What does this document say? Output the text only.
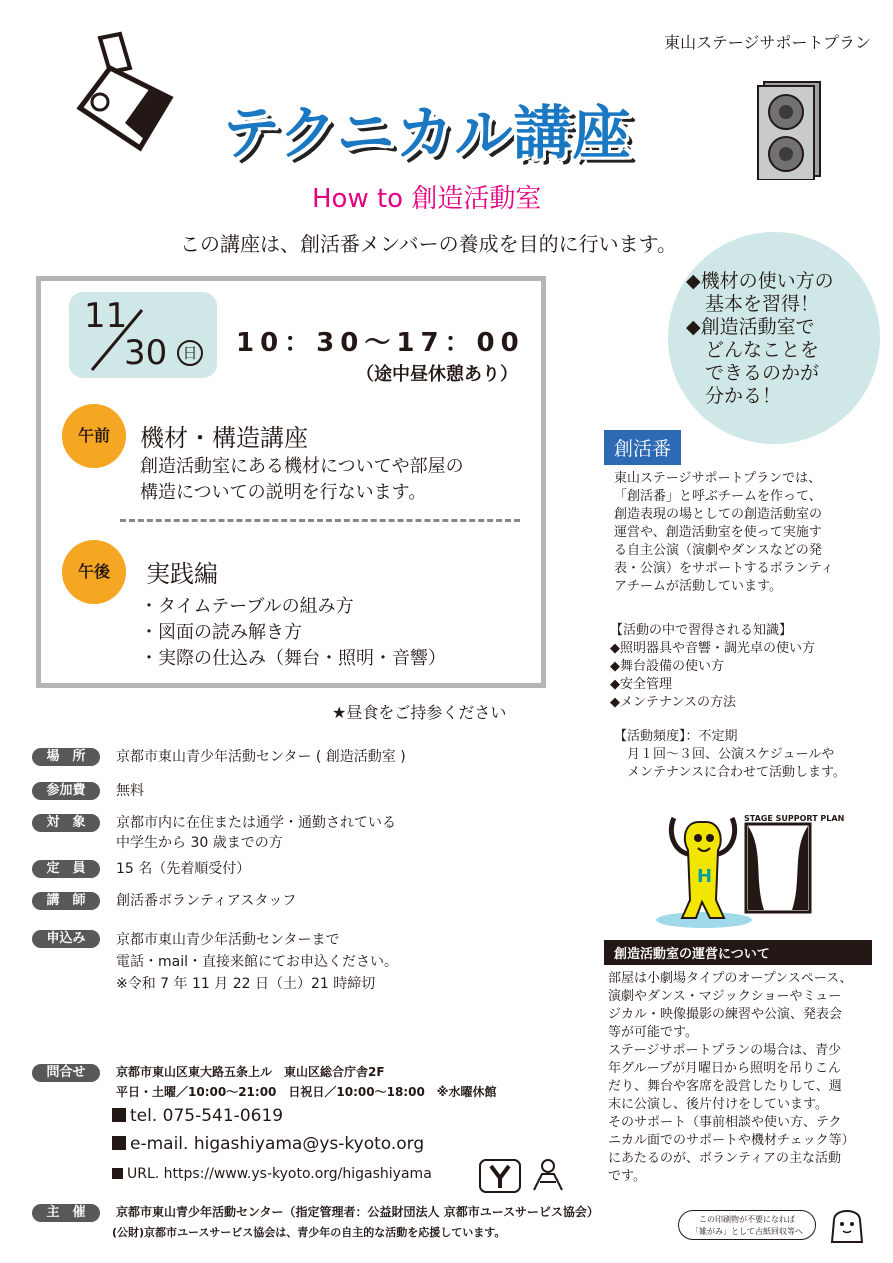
東山ステージサポートプラン
テクニカル講座
How to 創造活動室
この講座は、創活番メンバーの養成を目的に行います。
11
30	日 10：30〜17：00
（途中昼休憩あり）
午前	機材・構造講座
創造活動室にある機材についてや部屋の
構造についての説明を行ないます。
午後	実践編
・タイムテーブルの組み方
・図面の読み解き方
・実際の仕込み（舞台・照明・音響）
★昼食をご持参ください
◆機材の使い方の
　基本を習得！
◆創造活動室で
　どんなことを
　できるのかが
　分かる！
創活番
東山ステージサポートプランでは、
「創活番」と呼ぶチームを作って、
創造表現の場としての創造活動室の
運営や、創造活動室を使って実施す
る自主公演（演劇やダンスなどの発
表・公演）をサポートするボランティ
アチームが活動しています。
【活動の中で習得される知識】
◆照明器具や音響・調光卓の使い方
◆舞台設備の使い方
◆安全管理
◆メンテナンスの方法
【活動頻度】：不定期
　月１回〜３回、公演スケジュールや
　メンテナンスに合わせて活動します。
H
STAGE SUPPORT PLAN
創造活動室の運営について
部屋は小劇場タイプのオープンスペース、
演劇やダンス・マジックショーやミュー
ジカル・映像撮影の練習や公演、発表会
等が可能です。
ステージサポートプランの場合は、青少
年グループが月曜日から照明を吊りこん
だり、舞台や客席を設営したりして、週
末に公演し、後片付けをしています。
そのサポート（事前相談や使い方、テク
ニカル面でのサポートや機材チェック等）
にあたるのが、ボランティアの主な活動
です。
場　所	京都市東山青少年活動センター ( 創造活動室 )
参加費	無料
対　象	京都市内に在住または通学・通勤されている
中学生から 30 歳までの方
定　員	15 名（先着順受付）
講　師	創活番ボランティアスタッフ
申込み	京都市東山青少年活動センターまで
電話・mail・直接来館にてお申込ください。
※令和 7 年 11 月 22 日（土）21 時締切
問合せ	京都市東山区東大路五条上ル　東山区総合庁舎2F
平日・土曜／10:00〜21:00　日祝日／10:00〜18:00　※水曜休館
tel. 075-541-0619
e-mail. higashiyama@ys-kyoto.org
URL. https://www.ys-kyoto.org/higashiyama
主　催	京都市東山青少年活動センター（指定管理者：公益財団法人 京都市ユースサービス協会）
(公財)京都市ユースサービス協会は、青少年の自主的な活動を応援しています。
この印刷物が不要になれば
「雑がみ」として古紙回収等へ
